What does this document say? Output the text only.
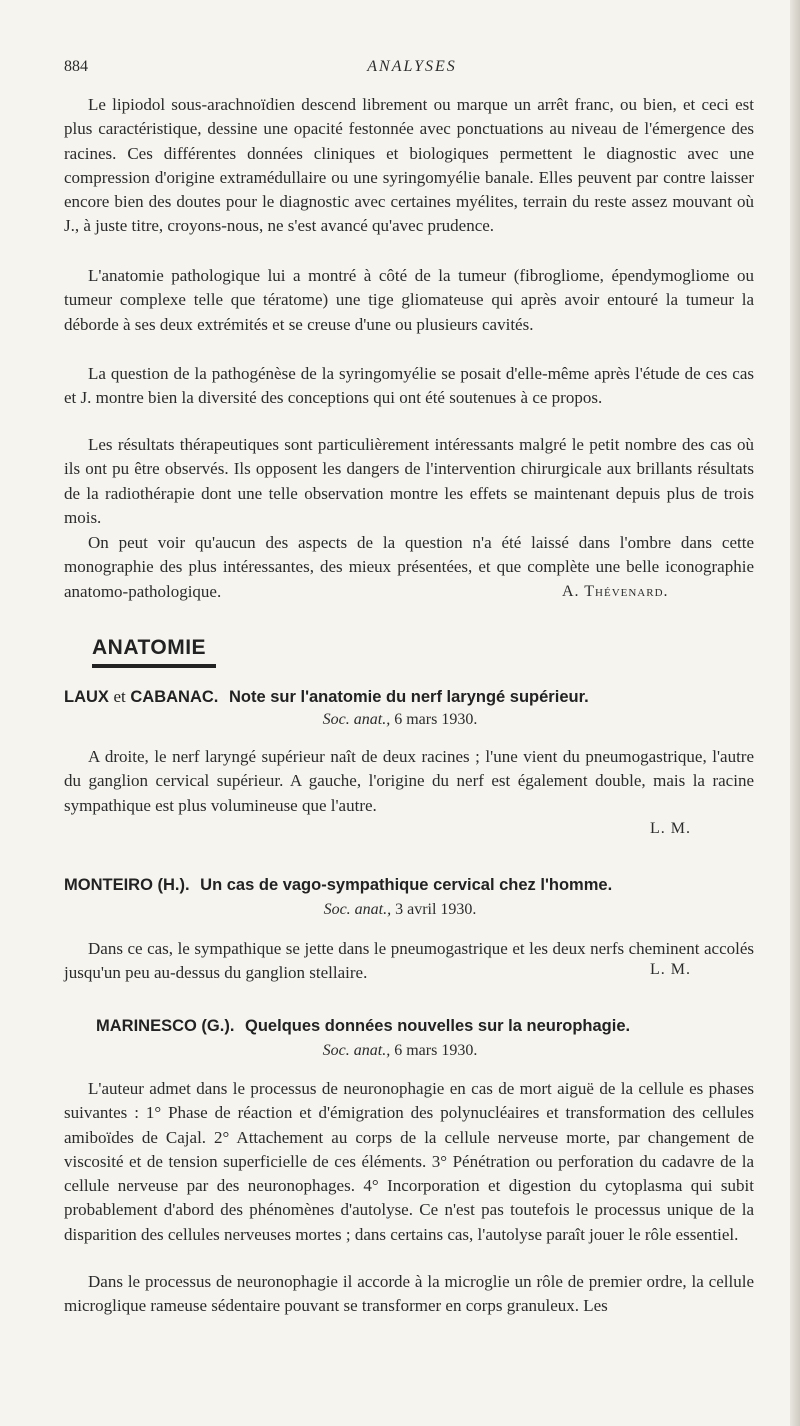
884	ANALYSES

Le lipiodol sous-arachnoïdien descend librement ou marque un arrêt franc, ou bien, et ceci est plus caractéristique, dessine une opacité festonnée avec ponctuations au niveau de l'émergence des racines. Ces différentes données cliniques et biologiques permettent le diagnostic avec une compression d'origine extramédullaire ou une syringomyélie banale. Elles peuvent par contre laisser encore bien des doutes pour le diagnostic avec certaines myélites, terrain du reste assez mouvant où J., à juste titre, croyons-nous, ne s'est avancé qu'avec prudence.

L'anatomie pathologique lui a montré à côté de la tumeur (fibrogliome, épendymogliome ou tumeur complexe telle que tératome) une tige gliomateuse qui après avoir entouré la tumeur la déborde à ses deux extrémités et se creuse d'une ou plusieurs cavités.

La question de la pathogénèse de la syringomyélie se posait d'elle-même après l'étude de ces cas et J. montre bien la diversité des conceptions qui ont été soutenues à ce propos.

Les résultats thérapeutiques sont particulièrement intéressants malgré le petit nombre des cas où ils ont pu être observés. Ils opposent les dangers de l'intervention chirurgicale aux brillants résultats de la radiothérapie dont une telle observation montre les effets se maintenant depuis plus de trois mois.

On peut voir qu'aucun des aspects de la question n'a été laissé dans l'ombre dans cette monographie des plus intéressantes, des mieux présentées, et que complète une belle iconographie anatomo-pathologique.	A. Thévenard.
ANATOMIE
LAUX et CABANAC. Note sur l'anatomie du nerf laryngé supérieur.
Soc. anat., 6 mars 1930.

A droite, le nerf laryngé supérieur naît de deux racines ; l'une vient du pneumogastrique, l'autre du ganglion cervical supérieur. A gauche, l'origine du nerf est également double, mais la racine sympathique est plus volumineuse que l'autre.

L. M.
MONTEIRO (H.). Un cas de vago-sympathique cervical chez l'homme.
Soc. anat., 3 avril 1930.

Dans ce cas, le sympathique se jette dans le pneumogastrique et les deux nerfs cheminent accolés jusqu'un peu au-dessus du ganglion stellaire.	L. M.
MARINESCO (G.). Quelques données nouvelles sur la neurophagie.
Soc. anat., 6 mars 1930.

L'auteur admet dans le processus de neuronophagie en cas de mort aiguë de la cellule es phases suivantes : 1° Phase de réaction et d'émigration des polynucléaires et transformation des cellules amiboïdes de Cajal. 2° Attachement au corps de la cellule nerveuse morte, par changement de viscosité et de tension superficielle de ces éléments. 3° Pénétration ou perforation du cadavre de la cellule nerveuse par des neuronophages. 4° Incorporation et digestion du cytoplasma qui subit probablement d'abord des phénomènes d'autolyse. Ce n'est pas toutefois le processus unique de la disparition des cellules nerveuses mortes ; dans certains cas, l'autolyse paraît jouer le rôle essentiel.

Dans le processus de neuronophagie il accorde à la microglie un rôle de premier ordre, la cellule microglique rameuse sédentaire pouvant se transformer en corps granuleux. Les
